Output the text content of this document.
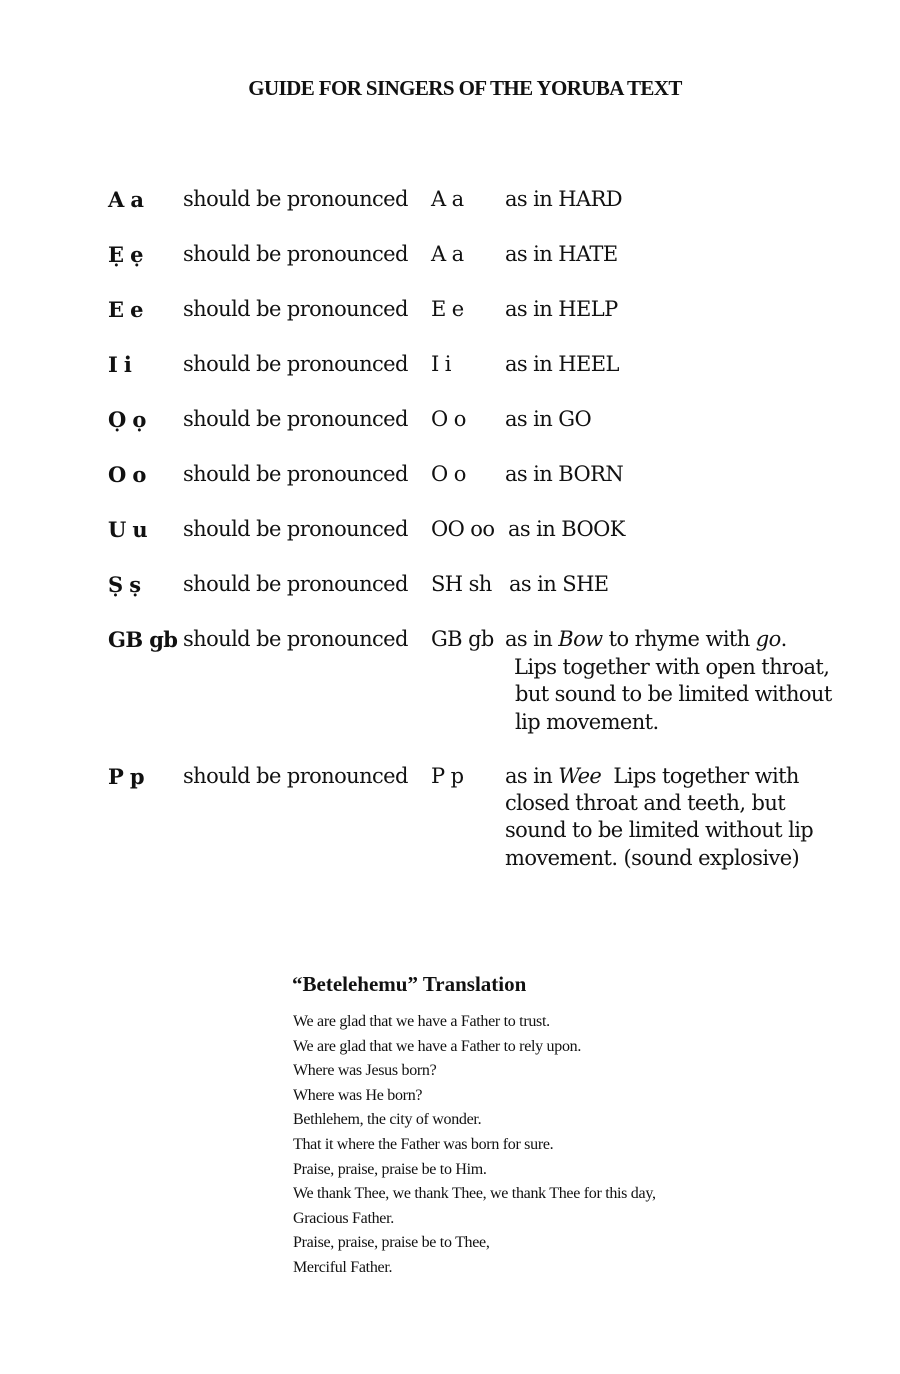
GUIDE FOR SINGERS OF THE YORUBA TEXT
A a should be pronounced A a as in HARD
Ẹ ẹ should be pronounced A a as in HATE
E e should be pronounced E e as in HELP
I i should be pronounced I i	as in HEEL
Ọ ọ should be pronounced O o as in GO
O o should be pronounced O o as in BORN
U u should be pronounced OO oo as in BOOK
Ṣ ṣ should be pronounced SH sh as in SHE
GB gb should be pronounced GB gb as in Bow to rhyme with go.
Lips together with open throat,
but sound to be limited without
lip movement.
P p should be pronounced P p as in Wee  Lips together with
closed throat and teeth, but
sound to be limited without lip
movement. (sound explosive)
“Betelehemu” Translation
We are glad that we have a Father to trust.
We are glad that we have a Father to rely upon.
Where was Jesus born?
Where was He born?
Bethlehem, the city of wonder.
That it where the Father was born for sure.
Praise, praise, praise be to Him.
We thank Thee, we thank Thee, we thank Thee for this day,
Gracious Father.
Praise, praise, praise be to Thee,
Merciful Father.
